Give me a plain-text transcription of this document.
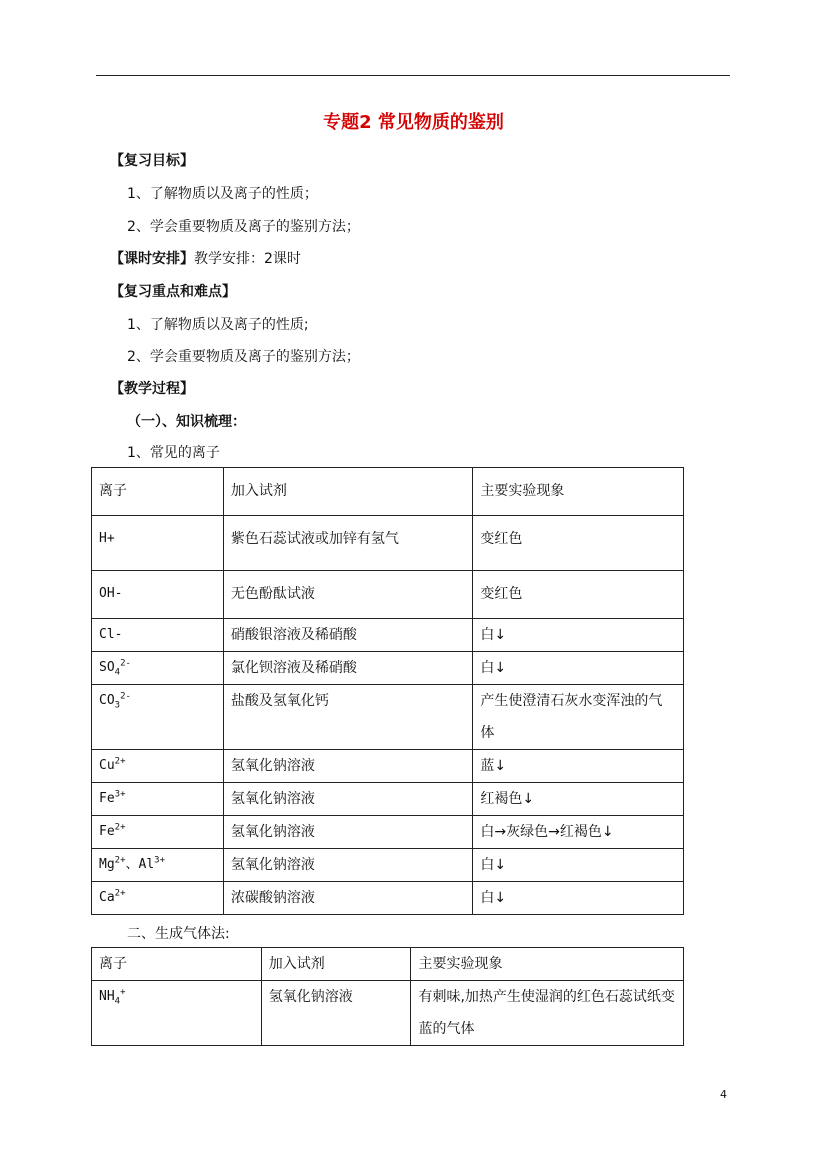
专题2 常见物质的鉴别
【复习目标】
1、了解物质以及离子的性质；
2、学会重要物质及离子的鉴别方法；
【课时安排】教学安排：2课时
【复习重点和难点】
1、了解物质以及离子的性质;
2、学会重要物质及离子的鉴别方法；
【教学过程】
（一）、知识梳理：
1、常见的离子
离子	加入试剂	主要实验现象
H+	紫色石蕊试液或加锌有氢气	变红色
OH-	无色酚酞试液	变红色
Cl-	硝酸银溶液及稀硝酸	白↓
$SO_4^{2-}$	氯化钡溶液及稀硝酸	白↓
$CO_3^{2-}$	盐酸及氢氧化钙	产生使澄清石灰水变浑浊的气体
$Cu^{2+}$	氢氧化钠溶液	蓝↓
$Fe^{3+}$	氢氧化钠溶液	红褐色↓
$Fe^{2+}$	氢氧化钠溶液	白→灰绿色→红褐色↓
$Mg^{2+}$、$Al^{3+}$	氢氧化钠溶液	白↓
$Ca^{2+}$	浓碳酸钠溶液	白↓
二、生成气体法:
离子	加入试剂	主要实验现象
$NH_4^+$	氢氧化钠溶液	有刺味,加热产生使湿润的红色石蕊试纸变蓝的气体
4
